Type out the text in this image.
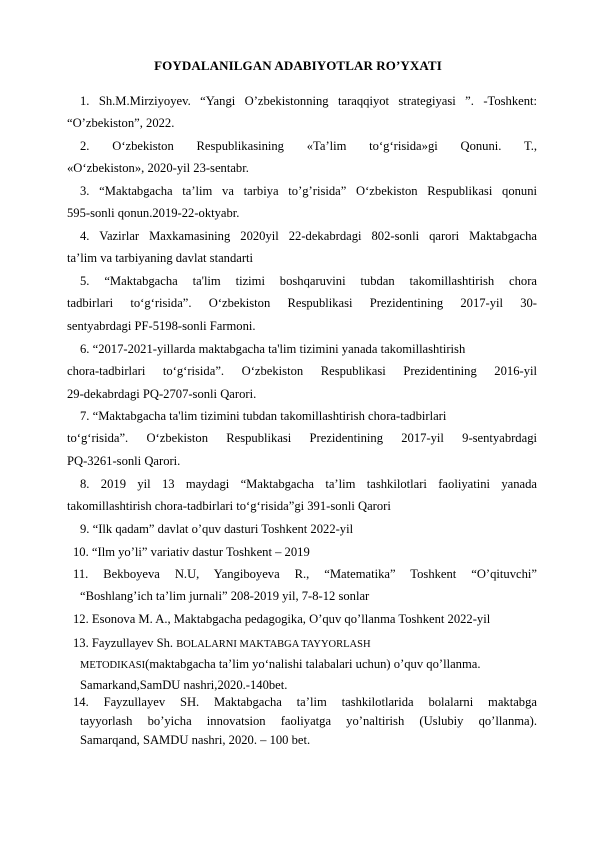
FOYDALANILGAN ADABIYOTLAR RO’YXATI
1. Sh.M.Mirziyoyev. “Yangi O’zbekistonning taraqqiyot strategiyasi ”. -Toshkent:
“O’zbekiston”, 2022.
2. O‘zbekiston Respublikasining «Ta’lim to‘g‘risida»gi Qonuni. T.,
«O‘zbekiston», 2020-yil 23-sentabr.
3. “Maktabgacha ta’lim va tarbiya to’g’risida” O‘zbekiston Respublikasi qonuni
595-sonli qonun.2019-22-oktyabr.
4. Vazirlar Maxkamasining 2020yil 22-dekabrdagi 802-sonli qarori Maktabgacha
ta’lim va tarbiyaning davlat standarti
5. “Maktabgacha ta'lim tizimi boshqaruvini tubdan takomillashtirish chora
tadbirlari to‘g‘risida”. O‘zbekiston Respublikasi Prezidentining 2017-yil 30-
sentyabrdagi PF-5198-sonli Farmoni.
6. “2017-2021-yillarda maktabgacha ta'lim tizimini yanada takomillashtirish
chora-tadbirlari to‘g‘risida”. O‘zbekiston Respublikasi Prezidentining 2016-yil
29-dekabrdagi PQ-2707-sonli Qarori.
7. “Maktabgacha ta'lim tizimini tubdan takomillashtirish chora-tadbirlari
to‘g‘risida”. O‘zbekiston Respublikasi Prezidentining 2017-yil 9-sentyabrdagi
PQ-3261-sonli Qarori.
8. 2019 yil 13 maydagi “Maktabgacha ta’lim tashkilotlari faoliyatini yanada
takomillashtirish chora-tadbirlari to‘g‘risida”gi 391-sonli Qarori
9. “Ilk qadam” davlat o’quv dasturi Toshkent 2022-yil
10. “Ilm yo’li” variativ dastur Toshkent – 2019
11. Bekboyeva N.U, Yangiboyeva R., “Matematika” Toshkent “O’qituvchi”
“Boshlang’ich ta’lim jurnali” 208-2019 yil, 7-8-12 sonlar
12. Esonova M. A., Maktabgacha pedagogika, O’quv qo’llanma Toshkent 2022-yil
13. Fayzullayev Sh. BOLALARNI MAKTABGA TAYYORLASH
METODIKASI(maktabgacha ta’lim yo‘nalishi talabalari uchun) o’quv qo’llanma.
Samarkand,SamDU nashri,2020.-140bet.
14. Fayzullayev SH. Maktabgacha ta’lim tashkilotlarida bolalarni maktabga
tayyorlash bo’yicha innovatsion faoliyatga yo’naltirish (Uslubiy qo’llanma).
Samarqand, SAMDU nashri, 2020. – 100 bet.
